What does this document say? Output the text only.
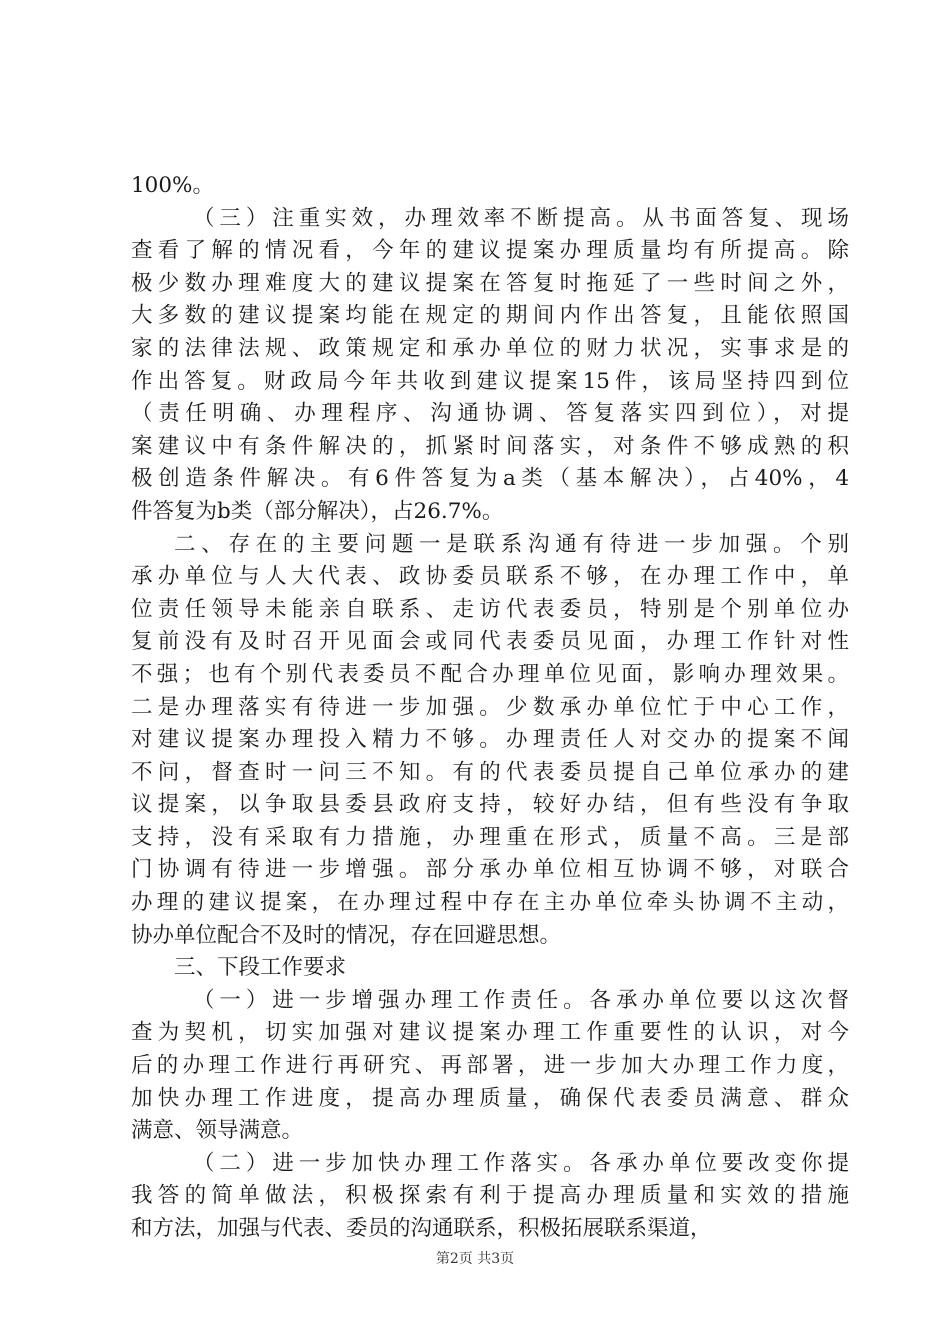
100%。
（三）注重实效，办理效率不断提高。从书面答复、现场
查看了解的情况看，今年的建议提案办理质量均有所提高。除
极少数办理难度大的建议提案在答复时拖延了一些时间之外，
大多数的建议提案均能在规定的期间内作出答复，且能依照国
家的法律法规、政策规定和承办单位的财力状况，实事求是的
作出答复。财政局今年共收到建议提案15件，该局坚持四到位
（责任明确、办理程序、沟通协调、答复落实四到位），对提
案建议中有条件解决的，抓紧时间落实，对条件不够成熟的积
极创造条件解决。有6件答复为a类（基本解决），占40%，4
件答复为b类（部分解决），占26.7%。
二、存在的主要问题一是联系沟通有待进一步加强。个别
承办单位与人大代表、政协委员联系不够，在办理工作中，单
位责任领导未能亲自联系、走访代表委员，特别是个别单位办
复前没有及时召开见面会或同代表委员见面，办理工作针对性
不强；也有个别代表委员不配合办理单位见面，影响办理效果。
二是办理落实有待进一步加强。少数承办单位忙于中心工作，
对建议提案办理投入精力不够。办理责任人对交办的提案不闻
不问，督查时一问三不知。有的代表委员提自己单位承办的建
议提案，以争取县委县政府支持，较好办结，但有些没有争取
支持，没有采取有力措施，办理重在形式，质量不高。三是部
门协调有待进一步增强。部分承办单位相互协调不够，对联合
办理的建议提案，在办理过程中存在主办单位牵头协调不主动，
协办单位配合不及时的情况，存在回避思想。
三、下段工作要求
（一）进一步增强办理工作责任。各承办单位要以这次督
查为契机，切实加强对建议提案办理工作重要性的认识，对今
后的办理工作进行再研究、再部署，进一步加大办理工作力度，
加快办理工作进度，提高办理质量，确保代表委员满意、群众
满意、领导满意。
（二）进一步加快办理工作落实。各承办单位要改变你提
我答的简单做法，积极探索有利于提高办理质量和实效的措施
和方法，加强与代表、委员的沟通联系，积极拓展联系渠道，
第2页 共3页
